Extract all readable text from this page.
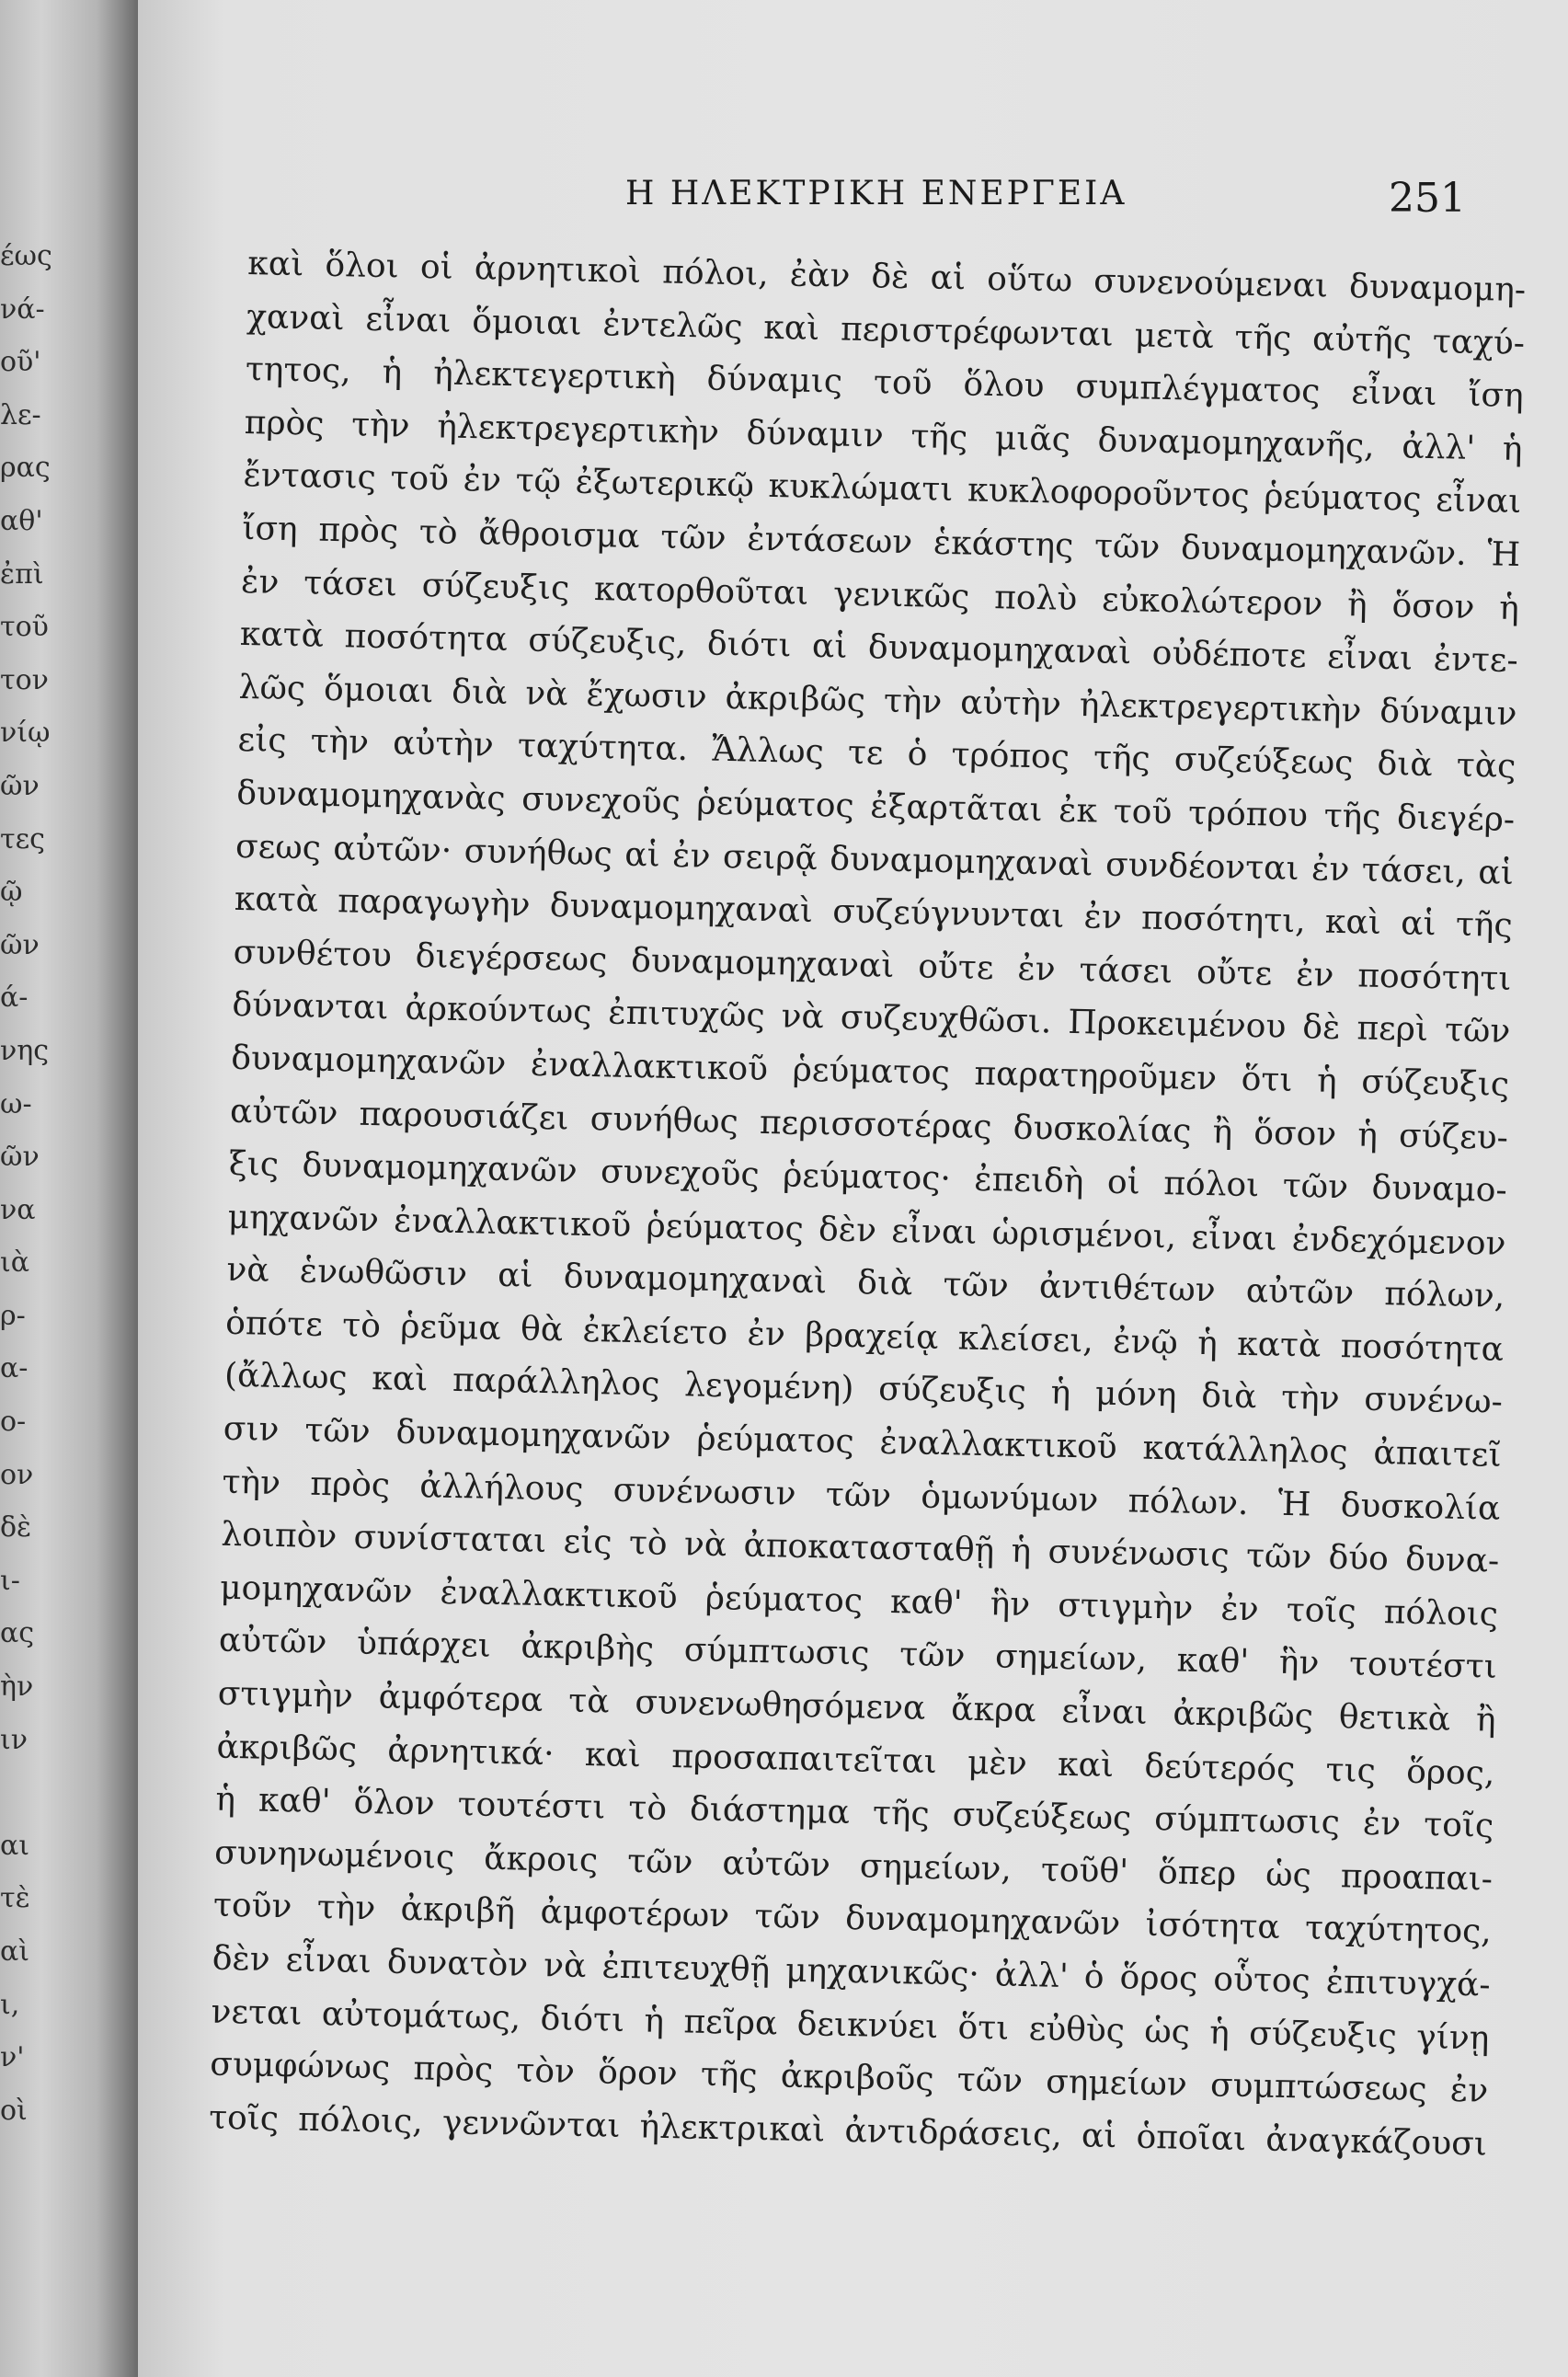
έως
νά-
οῦ'
λε-
ρας
αθ'
ἐπὶ
τοῦ
τον
νίῳ
ῶν
τες
ῷ
ῶν
ά-
νης
ω-
ῶν
να
ιὰ
ρ-
α-
ο-
ον
δὲ
ι-
ας
ὴν
ιν
αι
τὲ
αὶ
ι,
ν'
οὶ
Η ΗΛΕΚΤΡΙΚΗ ΕΝΕΡΓΕΙΑ	251
καὶ ὅλοι οἱ ἀρνητικοὶ πόλοι, ἐὰν δὲ αἱ οὕτω συνενούμεναι δυναμομη-
χαναὶ εἶναι ὅμοιαι ἐντελῶς καὶ περιστρέφωνται μετὰ τῆς αὐτῆς ταχύ-
τητος, ἡ ἠλεκτεγερτικὴ δύναμις τοῦ ὅλου συμπλέγματος εἶναι ἴση
πρὸς τὴν ἠλεκτρεγερτικὴν δύναμιν τῆς μιᾶς δυναμομηχανῆς, ἀλλ' ἡ
ἔντασις τοῦ ἐν τῷ ἐξωτερικῷ κυκλώματι κυκλοφοροῦντος ῥεύματος εἶναι
ἴση πρὸς τὸ ἄθροισμα τῶν ἐντάσεων ἑκάστης τῶν δυναμομηχανῶν. Ἡ
ἐν τάσει σύζευξις κατορθοῦται γενικῶς πολὺ εὐκολώτερον ἢ ὅσον ἡ
κατὰ ποσότητα σύζευξις, διότι αἱ δυναμομηχαναὶ οὐδέποτε εἶναι ἐντε-
λῶς ὅμοιαι διὰ νὰ ἔχωσιν ἀκριβῶς τὴν αὐτὴν ἠλεκτρεγερτικὴν δύναμιν
εἰς τὴν αὐτὴν ταχύτητα. Ἄλλως τε ὁ τρόπος τῆς συζεύξεως διὰ τὰς
δυναμομηχανὰς συνεχοῦς ῥεύματος ἐξαρτᾶται ἐκ τοῦ τρόπου τῆς διεγέρ-
σεως αὐτῶν· συνήθως αἱ ἐν σειρᾷ δυναμομηχαναὶ συνδέονται ἐν τάσει, αἱ
κατὰ παραγωγὴν δυναμομηχαναὶ συζεύγνυνται ἐν ποσότητι, καὶ αἱ τῆς
συνθέτου διεγέρσεως δυναμομηχαναὶ οὔτε ἐν τάσει οὔτε ἐν ποσότητι
δύνανται ἀρκούντως ἐπιτυχῶς νὰ συζευχθῶσι. Προκειμένου δὲ περὶ τῶν
δυναμομηχανῶν ἐναλλακτικοῦ ῥεύματος παρατηροῦμεν ὅτι ἡ σύζευξις
αὐτῶν παρουσιάζει συνήθως περισσοτέρας δυσκολίας ἢ ὅσον ἡ σύζευ-
ξις δυναμομηχανῶν συνεχοῦς ῥεύματος· ἐπειδὴ οἱ πόλοι τῶν δυναμο-
μηχανῶν ἐναλλακτικοῦ ῥεύματος δὲν εἶναι ὡρισμένοι, εἶναι ἐνδεχόμενον
νὰ ἑνωθῶσιν αἱ δυναμομηχαναὶ διὰ τῶν ἀντιθέτων αὐτῶν πόλων,
ὁπότε τὸ ῥεῦμα θὰ ἐκλείετο ἐν βραχείᾳ κλείσει, ἐνῷ ἡ κατὰ ποσότητα
(ἄλλως καὶ παράλληλος λεγομένη) σύζευξις ἡ μόνη διὰ τὴν συνένω-
σιν τῶν δυναμομηχανῶν ῥεύματος ἐναλλακτικοῦ κατάλληλος ἀπαιτεῖ
τὴν πρὸς ἀλλήλους συνένωσιν τῶν ὁμωνύμων πόλων. Ἡ δυσκολία
λοιπὸν συνίσταται εἰς τὸ νὰ ἀποκατασταθῇ ἡ συνένωσις τῶν δύο δυνα-
μομηχανῶν ἐναλλακτικοῦ ῥεύματος καθ' ἣν στιγμὴν ἐν τοῖς πόλοις
αὐτῶν ὑπάρχει ἀκριβὴς σύμπτωσις τῶν σημείων, καθ' ἣν τουτέστι
στιγμὴν ἀμφότερα τὰ συνενωθησόμενα ἄκρα εἶναι ἀκριβῶς θετικὰ ἢ
ἀκριβῶς ἀρνητικά· καὶ προσαπαιτεῖται μὲν καὶ δεύτερός τις ὅρος,
ἡ καθ' ὅλον τουτέστι τὸ διάστημα τῆς συζεύξεως σύμπτωσις ἐν τοῖς
συνηνωμένοις ἄκροις τῶν αὐτῶν σημείων, τοῦθ' ὅπερ ὡς προαπαι-
τοῦν τὴν ἀκριβῆ ἀμφοτέρων τῶν δυναμομηχανῶν ἰσότητα ταχύτητος,
δὲν εἶναι δυνατὸν νὰ ἐπιτευχθῇ μηχανικῶς· ἀλλ' ὁ ὅρος οὗτος ἐπιτυγχά-
νεται αὐτομάτως, διότι ἡ πεῖρα δεικνύει ὅτι εὐθὺς ὡς ἡ σύζευξις γίνῃ
συμφώνως πρὸς τὸν ὅρον τῆς ἀκριβοῦς τῶν σημείων συμπτώσεως ἐν
τοῖς πόλοις, γεννῶνται ἠλεκτρικαὶ ἀντιδράσεις, αἱ ὁποῖαι ἀναγκάζουσι
